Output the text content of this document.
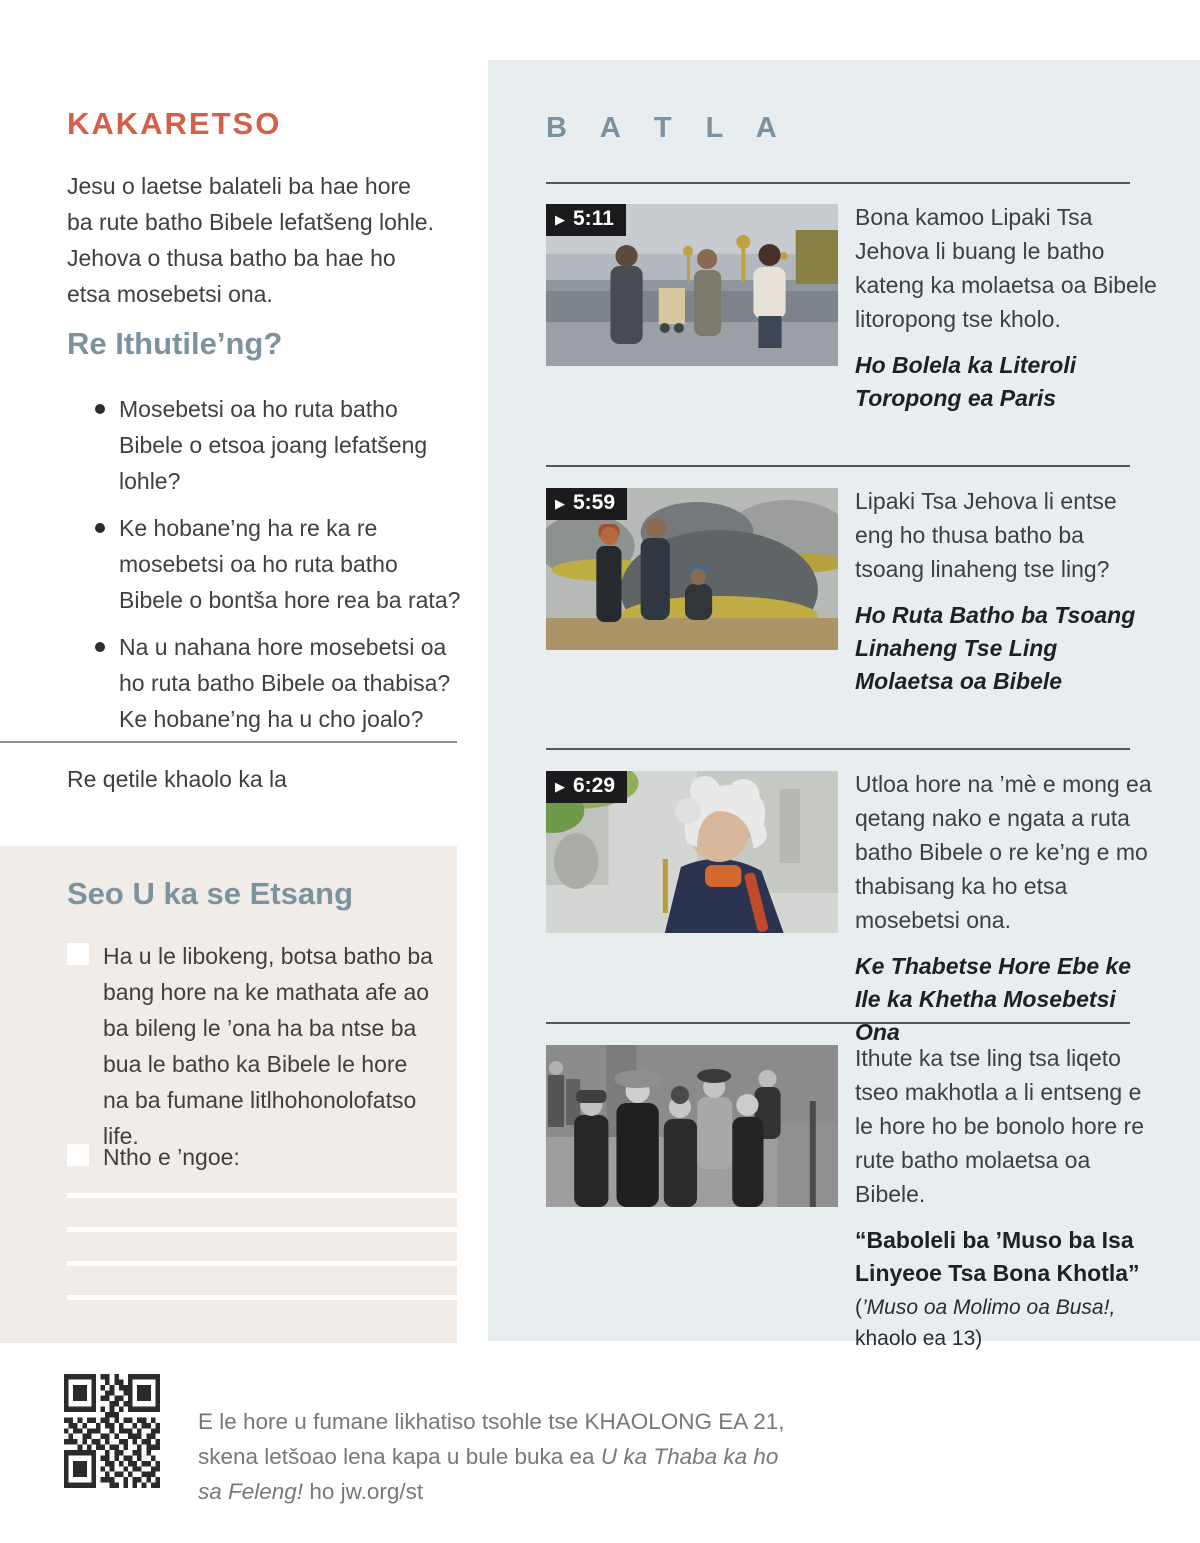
KAKARETSO
Jesu o laetse balateli ba hae hore ba rute batho Bibele lefatšeng lohle. Jehova o thusa batho ba hae ho etsa mosebetsi ona.
Re Ithutile’ng?
Mosebetsi oa ho ruta batho Bibele o etsoa joang lefatšeng lohle?
Ke hobane’ng ha re ka re mosebetsi oa ho ruta batho Bibele o bontša hore rea ba rata?
Na u nahana hore mosebetsi oa ho ruta batho Bibele oa thabisa? Ke hobane’ng ha u cho joalo?
Re qetile khaolo ka la
Seo U ka se Etsang
Ha u le libokeng, botsa batho ba bang hore na ke mathata afe ao ba bileng le ’ona ha ba ntse ba bua le batho ka Bibele le hore na ba fumane litlhohonolofatso life.
Ntho e ’ngoe:
B A T L A
▶ 5:11	Bona kamoo Lipaki Tsa Jehova li buang le batho kateng ka molaetsa oa Bibele litoropong tse kholo.
Ho Bolela ka Literoli Toropong ea Paris
▶ 5:59	Lipaki Tsa Jehova li entse eng ho thusa batho ba tsoang linaheng tse ling?
Ho Ruta Batho ba Tsoang Linaheng Tse Ling Molaetsa oa Bibele
▶ 6:29	Utloa hore na ’mè e mong ea qetang nako e ngata a ruta batho Bibele o re ke’ng e mo thabisang ka ho etsa mosebetsi ona.
Ke Thabetse Hore Ebe ke Ile ka Khetha Mosebetsi Ona
Ithute ka tse ling tsa liqeto tseo makhotla a li entseng e le hore ho be bonolo hore re rute batho molaetsa oa Bibele.
“Baboleli ba ’Muso ba Isa Linyeoe Tsa Bona Khotla”
(’Muso oa Molimo oa Busa!, khaolo ea 13)
E le hore u fumane likhatiso tsohle tse KHAOLONG EA 21, skena letšoao lena kapa u bule buka ea U ka Thaba ka ho sa Feleng! ho jw.org/st
